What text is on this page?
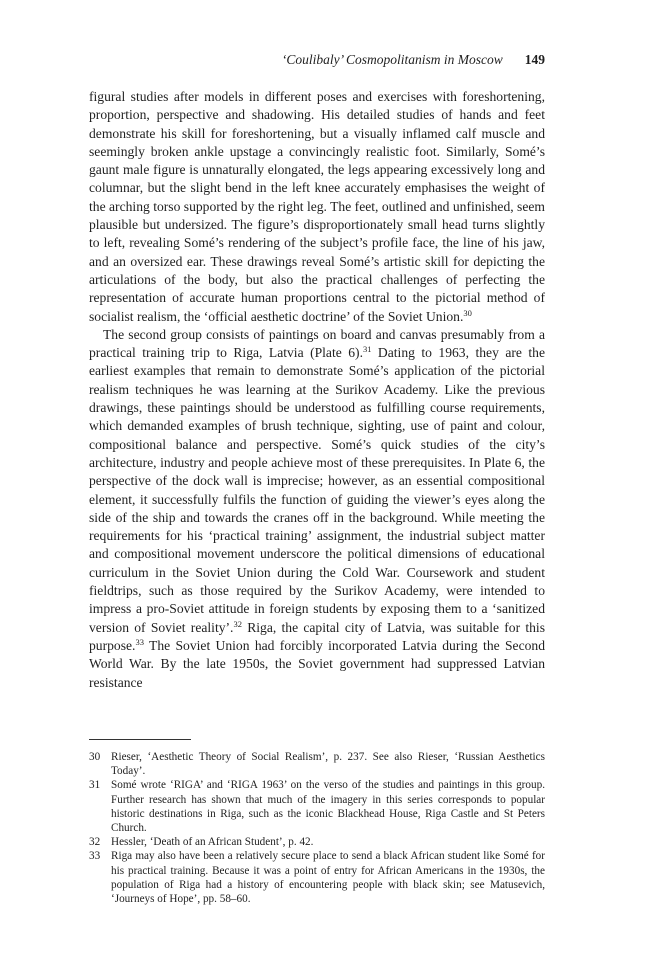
‘Coulibaly’ Cosmopolitanism in Moscow 149

figural studies after models in different poses and exercises with foreshortening, proportion, perspective and shadowing. His detailed studies of hands and feet demonstrate his skill for foreshortening, but a visually inflamed calf muscle and seemingly broken ankle upstage a convincingly realistic foot. Similarly, Somé’s gaunt male figure is unnaturally elongated, the legs appearing excessively long and columnar, but the slight bend in the left knee accurately emphasises the weight of the arching torso supported by the right leg. The feet, outlined and unfinished, seem plausible but undersized. The figure’s disproportionately small head turns slightly to left, revealing Somé’s rendering of the subject’s profile face, the line of his jaw, and an oversized ear. These drawings reveal Somé’s artistic skill for depicting the articulations of the body, but also the practical challenges of perfecting the representation of accurate human proportions central to the pictorial method of socialist realism, the ‘official aesthetic doctrine’ of the Soviet Union.$^{30}$

The second group consists of paintings on board and canvas presumably from a practical training trip to Riga, Latvia (Plate 6).$^{31}$ Dating to 1963, they are the earliest examples that remain to demonstrate Somé’s application of the pictorial realism techniques he was learning at the Surikov Academy. Like the previous drawings, these paintings should be understood as fulfilling course requirements, which demanded examples of brush technique, sighting, use of paint and colour, compositional balance and perspective. Somé’s quick studies of the city’s architecture, industry and people achieve most of these prerequisites. In Plate 6, the perspective of the dock wall is imprecise; however, as an essential compositional element, it successfully fulfils the function of guiding the viewer’s eyes along the side of the ship and towards the cranes off in the background. While meeting the requirements for his ‘practical training’ assignment, the industrial subject matter and compositional movement underscore the political dimensions of educational curriculum in the Soviet Union during the Cold War. Coursework and student fieldtrips, such as those required by the Surikov Academy, were intended to impress a pro-Soviet attitude in foreign students by exposing them to a ‘sanitized version of Soviet reality’.$^{32}$ Riga, the capital city of Latvia, was suitable for this purpose.$^{33}$ The Soviet Union had forcibly incorporated Latvia during the Second World War. By the late 1950s, the Soviet government had suppressed Latvian resistance

30 Rieser, ‘Aesthetic Theory of Social Realism’, p. 237. See also Rieser, ‘Russian Aesthetics Today’.
31 Somé wrote ‘RIGA’ and ‘RIGA 1963’ on the verso of the studies and paintings in this group. Further research has shown that much of the imagery in this series corresponds to popular historic destinations in Riga, such as the iconic Blackhead House, Riga Castle and St Peters Church.
32 Hessler, ‘Death of an African Student’, p. 42.
33 Riga may also have been a relatively secure place to send a black African student like Somé for his practical training. Because it was a point of entry for African Americans in the 1930s, the population of Riga had a history of encountering people with black skin; see Matusevich, ‘Journeys of Hope’, pp. 58–60.
